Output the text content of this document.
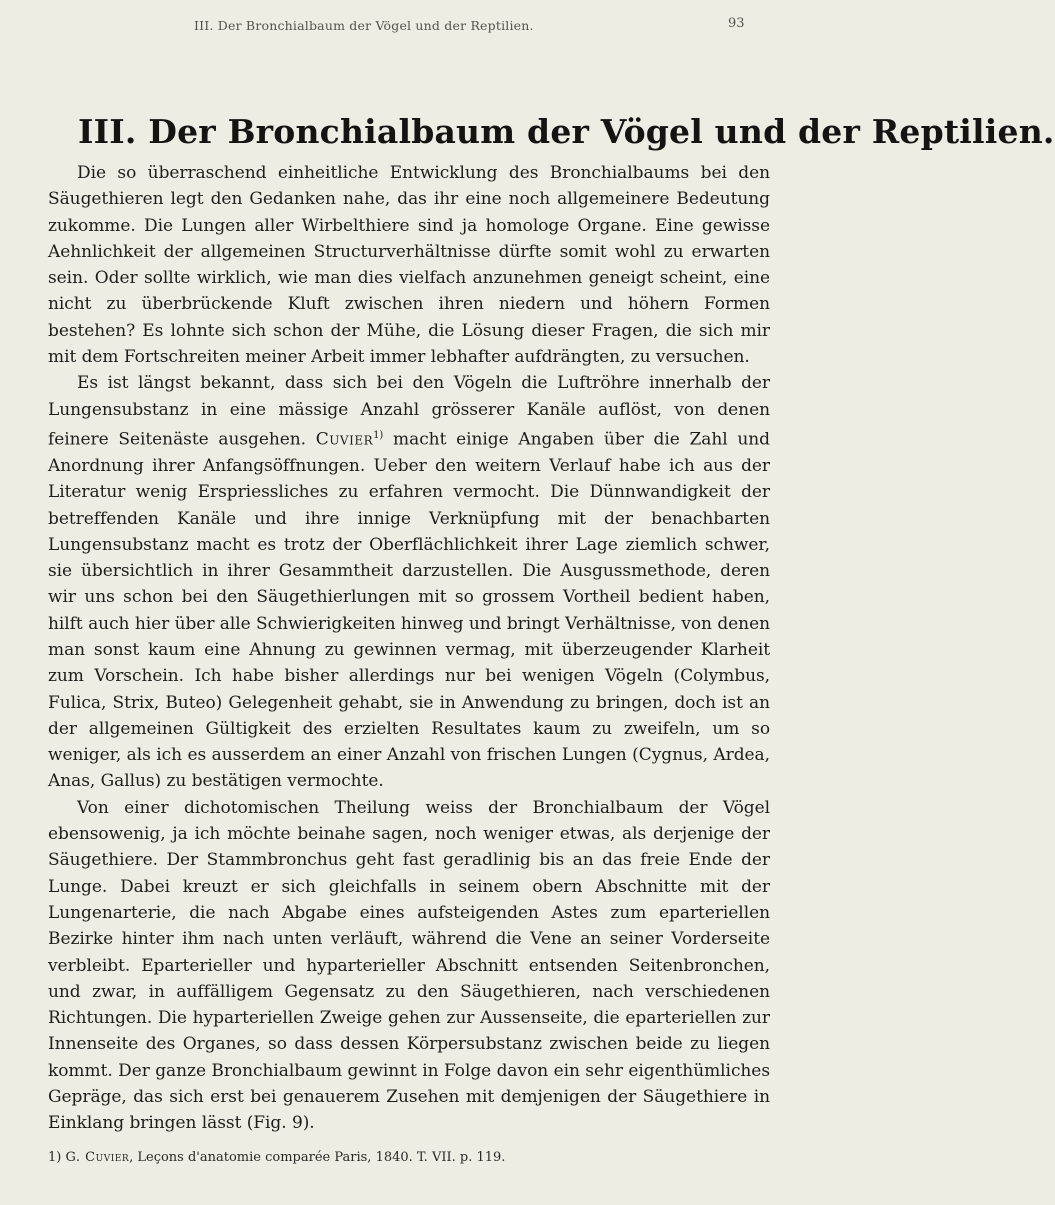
III. Der Bronchialbaum der Vögel und der Reptilien.	93
III. Der Bronchialbaum der Vögel und der Reptilien.

Die so überraschend einheitliche Entwicklung des Bronchialbaums bei den Säugethieren legt den Gedanken nahe, das ihr eine noch allgemeinere Bedeutung zukomme. Die Lungen aller Wirbelthiere sind ja homologe Organe. Eine gewisse Aehnlichkeit der allgemeinen Structurverhältnisse dürfte somit wohl zu erwarten sein. Oder sollte wirklich, wie man dies vielfach anzunehmen geneigt scheint, eine nicht zu überbrückende Kluft zwischen ihren niedern und höhern Formen bestehen? Es lohnte sich schon der Mühe, die Lösung dieser Fragen, die sich mir mit dem Fortschreiten meiner Arbeit immer lebhafter aufdrängten, zu versuchen.

Es ist längst bekannt, dass sich bei den Vögeln die Luftröhre innerhalb der Lungensubstanz in eine mässige Anzahl grösserer Kanäle auflöst, von denen feinere Seitenäste ausgehen. Cuvier$^{1)}$ macht einige Angaben über die Zahl und Anordnung ihrer Anfangsöffnungen. Ueber den weitern Verlauf habe ich aus der Literatur wenig Erspriessliches zu erfahren vermocht. Die Dünnwandigkeit der betreffenden Kanäle und ihre innige Verknüpfung mit der benachbarten Lungensubstanz macht es trotz der Oberflächlichkeit ihrer Lage ziemlich schwer, sie übersichtlich in ihrer Gesammtheit darzustellen. Die Ausgussmethode, deren wir uns schon bei den Säugethierlungen mit so grossem Vortheil bedient haben, hilft auch hier über alle Schwierigkeiten hinweg und bringt Verhältnisse, von denen man sonst kaum eine Ahnung zu gewinnen vermag, mit überzeugender Klarheit zum Vorschein. Ich habe bisher allerdings nur bei wenigen Vögeln (Colymbus, Fulica, Strix, Buteo) Gelegenheit gehabt, sie in Anwendung zu bringen, doch ist an der allgemeinen Gültigkeit des erzielten Resultates kaum zu zweifeln, um so weniger, als ich es ausserdem an einer Anzahl von frischen Lungen (Cygnus, Ardea, Anas, Gallus) zu bestätigen vermochte.

Von einer dichotomischen Theilung weiss der Bronchialbaum der Vögel ebensowenig, ja ich möchte beinahe sagen, noch weniger etwas, als derjenige der Säugethiere. Der Stammbronchus geht fast geradlinig bis an das freie Ende der Lunge. Dabei kreuzt er sich gleichfalls in seinem obern Abschnitte mit der Lungenarterie, die nach Abgabe eines aufsteigenden Astes zum eparteriellen Bezirke hinter ihm nach unten verläuft, während die Vene an seiner Vorderseite verbleibt. Eparterieller und hyparterieller Abschnitt entsenden Seitenbronchen, und zwar, in auffälligem Gegensatz zu den Säugethieren, nach verschiedenen Richtungen. Die hyparteriellen Zweige gehen zur Aussenseite, die eparteriellen zur Innenseite des Organes, so dass dessen Körpersubstanz zwischen beide zu liegen kommt. Der ganze Bronchialbaum gewinnt in Folge davon ein sehr eigenthümliches Gepräge, das sich erst bei genauerem Zusehen mit demjenigen der Säugethiere in Einklang bringen lässt (Fig. 9).

1) G. Cuvier, Leçons d'anatomie comparée Paris, 1840. T. VII. p. 119.
